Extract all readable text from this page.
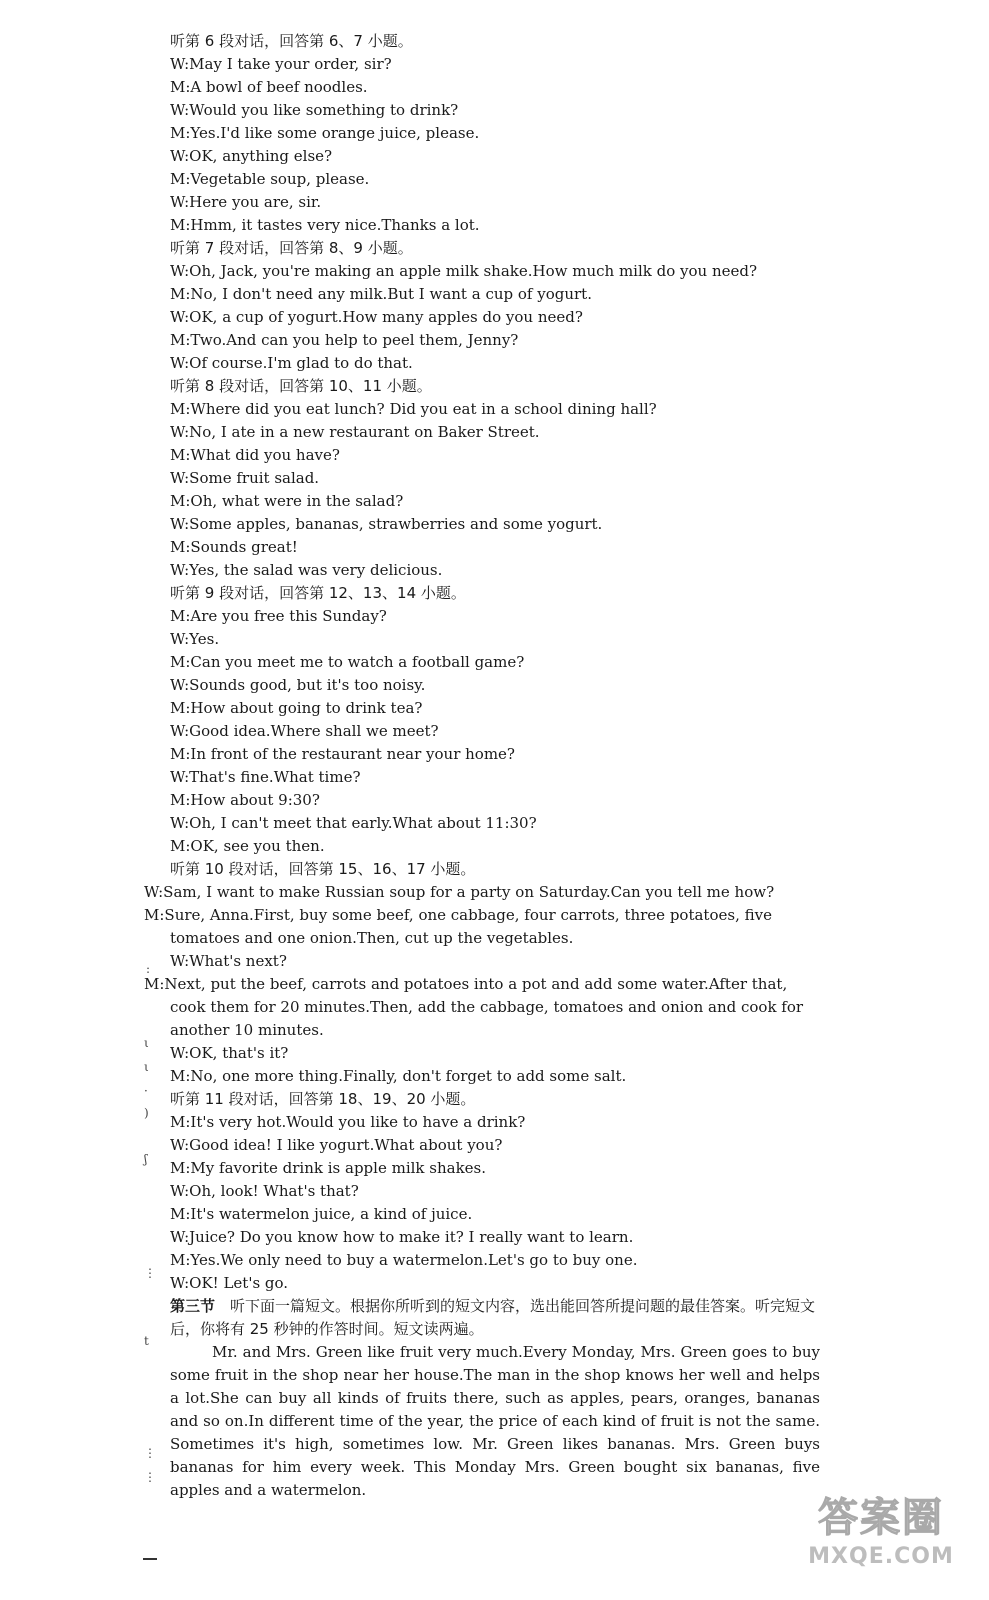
听第 6 段对话，回答第 6、7 小题。
W:May I take your order, sir?
M:A bowl of beef noodles.
W:Would you like something to drink?
M:Yes.I'd like some orange juice, please.
W:OK, anything else?
M:Vegetable soup, please.
W:Here you are, sir.
M:Hmm, it tastes very nice.Thanks a lot.
听第 7 段对话，回答第 8、9 小题。
W:Oh, Jack, you're making an apple milk shake.How much milk do you need?
M:No, I don't need any milk.But I want a cup of yogurt.
W:OK, a cup of yogurt.How many apples do you need?
M:Two.And can you help to peel them, Jenny?
W:Of course.I'm glad to do that.
听第 8 段对话，回答第 10、11 小题。
M:Where did you eat lunch? Did you eat in a school dining hall?
W:No, I ate in a new restaurant on Baker Street.
M:What did you have?
W:Some fruit salad.
M:Oh, what were in the salad?
W:Some apples, bananas, strawberries and some yogurt.
M:Sounds great!
W:Yes, the salad was very delicious.
听第 9 段对话，回答第 12、13、14 小题。
M:Are you free this Sunday?
W:Yes.
M:Can you meet me to watch a football game?
W:Sounds good, but it's too noisy.
M:How about going to drink tea?
W:Good idea.Where shall we meet?
M:In front of the restaurant near your home?
W:That's fine.What time?
M:How about 9:30?
W:Oh, I can't meet that early.What about 11:30?
M:OK, see you then.
听第 10 段对话，回答第 15、16、17 小题。
W:Sam, I want to make Russian soup for a party on Saturday.Can you tell me how?
M:Sure, Anna.First, buy some beef, one cabbage, four carrots, three potatoes, five tomatoes and one onion.Then, cut up the vegetables.
W:What's next?
M:Next, put the beef, carrots and potatoes into a pot and add some water.After that, cook them for 20 minutes.Then, add the cabbage, tomatoes and onion and cook for another 10 minutes.
W:OK, that's it?
M:No, one more thing.Finally, don't forget to add some salt.
听第 11 段对话，回答第 18、19、20 小题。
M:It's very hot.Would you like to have a drink?
W:Good idea! I like yogurt.What about you?
M:My favorite drink is apple milk shakes.
W:Oh, look! What's that?
M:It's watermelon juice, a kind of juice.
W:Juice? Do you know how to make it? I really want to learn.
M:Yes.We only need to buy a watermelon.Let's go to buy one.
W:OK! Let's go.
第三节　 听下面一篇短文。根据你所听到的短文内容，选出能回答所提问题的最佳答案。听完短文后，你将有 25 秒钟的作答时间。短文读两遍。
Mr. and Mrs. Green like fruit very much.Every Monday, Mrs. Green goes to buy some fruit in the shop near her house.The man in the shop knows her well and helps a lot.She can buy all kinds of fruits there, such as apples, pears, oranges, bananas and so on.In different time of the year, the price of each kind of fruit is not the same. Sometimes it's high, sometimes low. Mr. Green likes bananas. Mrs. Green buys bananas for him every week. This Monday Mrs. Green bought six bananas, five apples and a watermelon.
:
ι
ι
·
)
ʃ
⋮
t
⋮
⋮
答案圈
MXQE.COM
